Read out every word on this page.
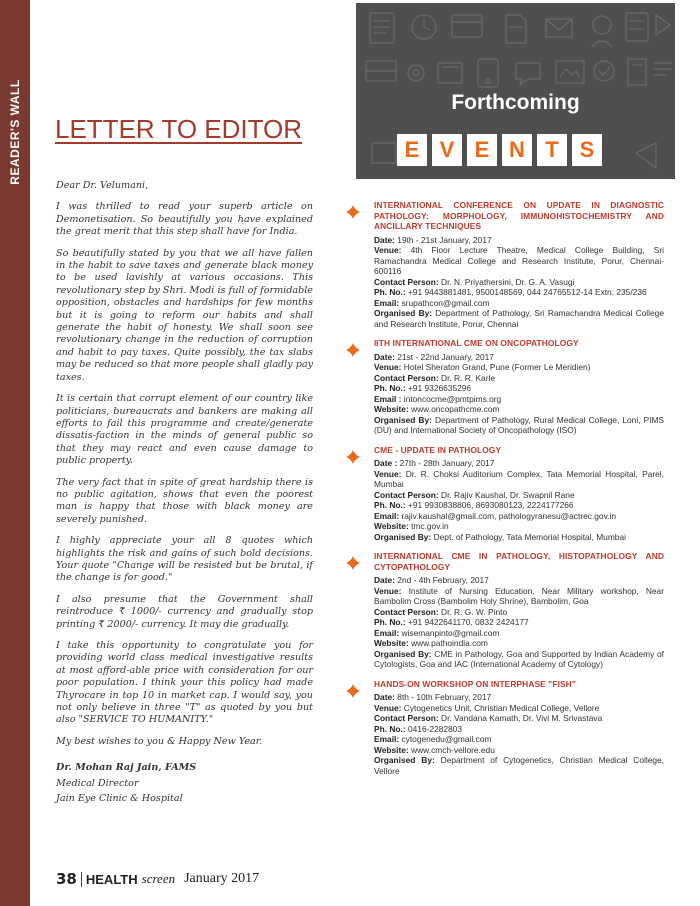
READER'S WALL LETTER TO EDITOR

Dear Dr. Velumani,

I was thrilled to read your superb article on Demonetisation. So beautifully you have explained the great merit that this step shall have for India.

So beautifully stated by you that we all have fallen in the habit to save taxes and generate black money to be used lavishly at various occasions. This revolutionary step by Shri. Modi is full of formidable opposition, obstacles and hardships for few months but it is going to reform our habits and shall generate the habit of honesty. We shall soon see revolutionary change in the reduction of corruption and habit to pay taxes. Quite possibly, the tax slabs may be reduced so that more people shall gladly pay taxes.

It is certain that corrupt element of our country like politicians, bureaucrats and bankers are making all efforts to fail this programme and create/generate dissatis-faction in the minds of general public so that they may react and even cause damage to public property.

The very fact that in spite of great hardship there is no public agitation, shows that even the poorest man is happy that those with black money are severely punished.

I highly appreciate your all 8 quotes which highlights the risk and gains of such bold decisions. Your quote "Change will be resisted but be brutal, if the change is for good."

I also presume that the Government shall reintroduce ₹ 1000/- currency and gradually stop printing ₹ 2000/- currency. It may die gradually.

I take this opportunity to congratulate you for providing world class medical investigative results at most afford-able price with consideration for our poor population. I think your this policy had made Thyrocare in top 10 in market cap. I would say, you not only believe in three "T" as quoted by you but also "SERVICE TO HUMANITY."

My best wishes to you & Happy New Year.

Dr. Mohan Raj Jain, FAMS

Medical Director

Jain Eye Clinic & Hospital

38 HEALTH screen January 2017
Forthcoming
E V E N T S
INTERNATIONAL CONFERENCE ON UPDATE IN DIAGNOSTIC PATHOLOGY: MORPHOLOGY, IMMUNOHISTOCHEMISTRY AND ANCILLARY TECHNIQUES
Date: 19th - 21st January, 2017
Venue: 4th Floor Lecture Theatre, Medical College Building, Sri Ramachandra Medical College and Research Institute, Porur, Chennai-600116
Contact Person: Dr. N. Priyathersini, Dr. G. A. Vasugi
Ph. No.: +91 9443881481, 9500148569, 044 24765512-14 Extn: 235/236
Email: srupathcon@gmail.com
Organised By: Department of Pathology, Sri Ramachandra Medical College and Research Institute, Porur, Chennai
8TH INTERNATIONAL CME ON ONCOPATHOLOGY
Date: 21st - 22nd January, 2017
Venue: Hotel Sheraton Grand, Pune (Former Le Meridien)
Contact Person: Dr. R. R. Karle
Ph. No.: +91 9326635296
Email : intoncocme@pmtpims.org
Website: www.oncopathcme.com
Organised By: Department of Pathology, Rural Medical College, Loni, PIMS (DU) and International Society of Oncopathology (ISO)
CME - UPDATE IN PATHOLOGY
Date : 27th - 28th January, 2017
Venue: Dr. R. Choksi Auditorium Complex, Tata Memorial Hospital, Parel, Mumbai
Contact Person: Dr. Rajiv Kaushal, Dr. Swapnil Rane
Ph. No.: +91 9930838806, 8693080123, 2224177266
Email: rajiv.kaushal@gmail.com, pathologyranesu@actrec.gov.in
Website: tmc.gov.in
Organised By: Dept. of Pathology, Tata Memorial Hospital, Mumbai
INTERNATIONAL CME IN PATHOLOGY, HISTOPATHOLOGY AND CYTOPATHOLOGY
Date: 2nd - 4th February, 2017
Venue: Institute of Nursing Education, Near Military workshop, Near Bambolim Cross (Bambolim Holy Shrine), Bambolim, Goa
Contact Person: Dr. R. G. W. Pinto
Ph. No.: +91 9422641170, 0832 2424177
Email: wisemanpinto@gmail.com
Website: www.pathoindia.com
Organised By: CME in Pathology, Goa and Supported by Indian Academy of Cytologists, Goa and IAC (International Academy of Cytology)
HANDS-ON WORKSHOP ON INTERPHASE "FISH"
Date: 8th - 10th February, 2017
Venue: Cytogenetics Unit, Christian Medical College, Vellore
Contact Person: Dr. Vandana Kamath, Dr. Vivi M. Srivastava
Ph. No.: 0416-2282803
Email: cytogenedu@gmail.com
Website: www.cmch-vellore.edu
Organised By: Department of Cytogenetics, Christian Medical College, Vellore
